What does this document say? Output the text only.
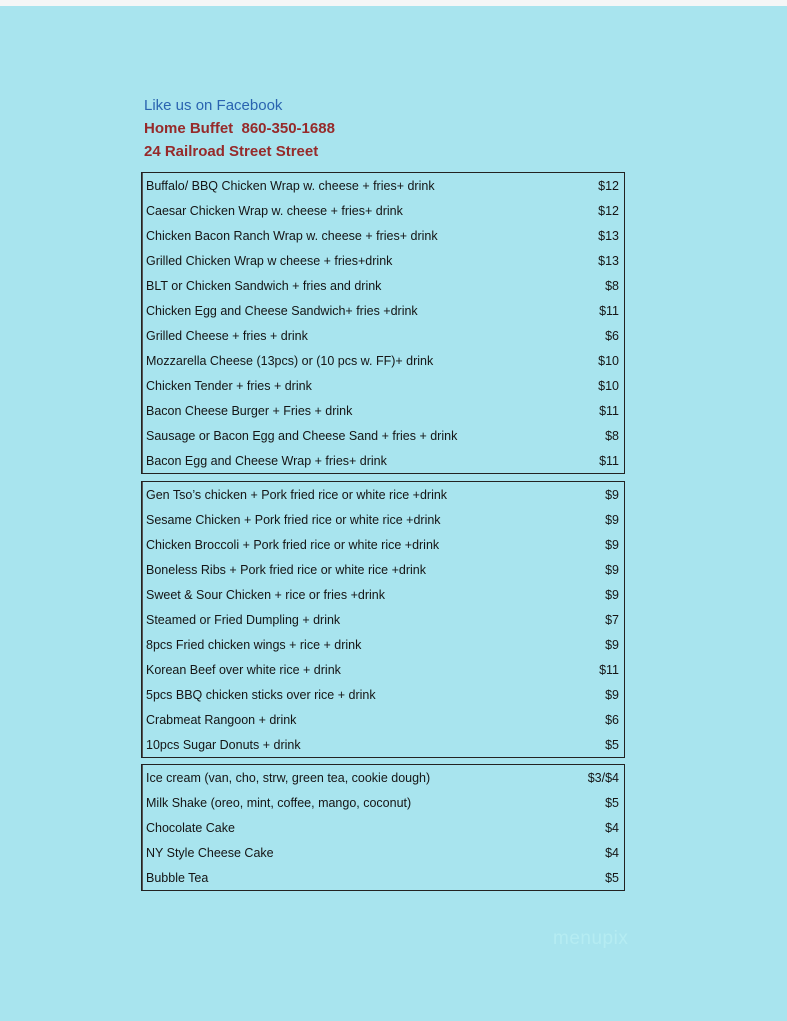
Like us on Facebook
Home Buffet  860-350-1688
24 Railroad Street Street
Buffalo/ BBQ Chicken Wrap w. cheese + fries+ drink	$12
Caesar Chicken Wrap w. cheese + fries+ drink	$12
Chicken Bacon Ranch Wrap w. cheese + fries+ drink	$13
Grilled Chicken Wrap w cheese + fries+drink	$13
BLT or Chicken Sandwich + fries and drink	$8
Chicken Egg and Cheese Sandwich+ fries +drink	$11
Grilled Cheese + fries + drink	$6
Mozzarella Cheese (13pcs) or (10 pcs w. FF)+ drink	$10
Chicken Tender + fries + drink	$10
Bacon Cheese Burger + Fries + drink	$11
Sausage or Bacon Egg and Cheese Sand + fries + drink	$8
Bacon Egg and Cheese Wrap + fries+ drink	$11
Gen Tso’s chicken + Pork fried rice or white rice +drink	$9
Sesame Chicken + Pork fried rice or white rice +drink	$9
Chicken Broccoli + Pork fried rice or white rice +drink	$9
Boneless Ribs + Pork fried rice or white rice +drink	$9
Sweet & Sour Chicken + rice or fries +drink	$9
Steamed or Fried Dumpling + drink	$7
8pcs Fried chicken wings + rice + drink	$9
Korean Beef over white rice + drink	$11
5pcs BBQ chicken sticks over rice + drink	$9
Crabmeat Rangoon + drink	$6
10pcs Sugar Donuts + drink	$5
Ice cream (van, cho, strw, green tea, cookie dough)	$3/$4
Milk Shake (oreo, mint, coffee, mango, coconut)	$5
Chocolate Cake	$4
NY Style Cheese Cake	$4
Bubble Tea	$5
menupix
